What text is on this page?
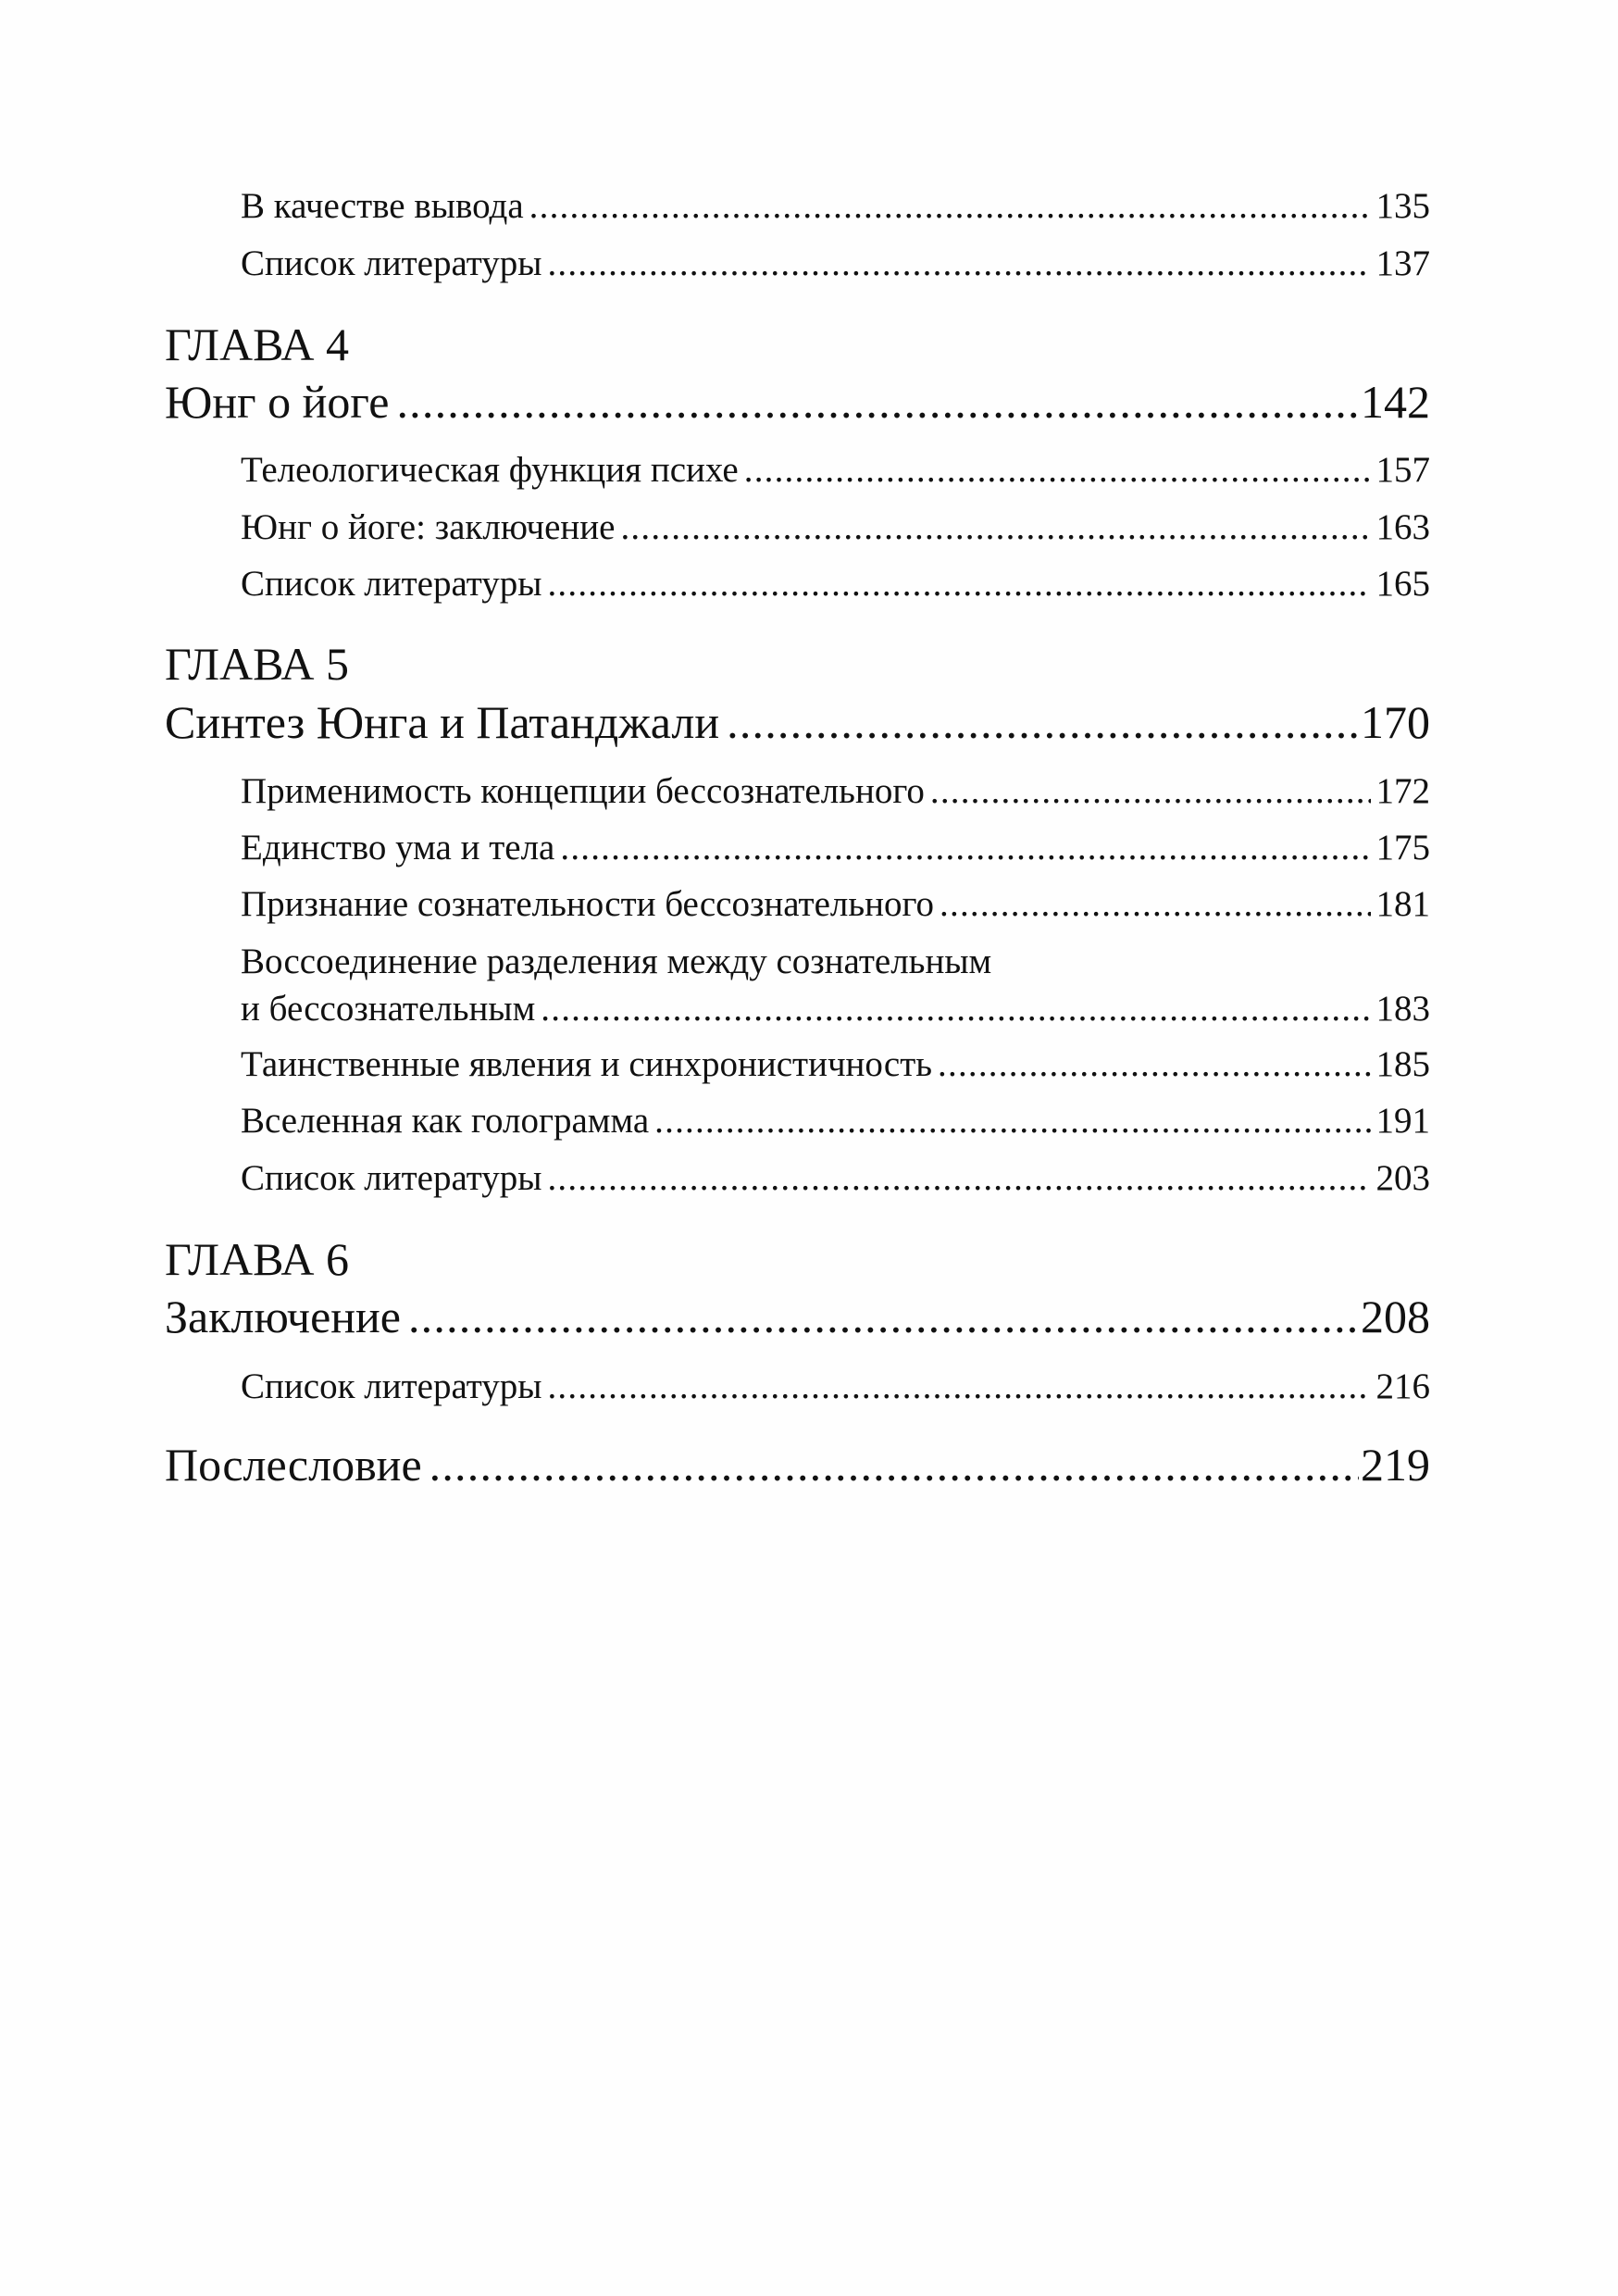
В качестве вывода .....	135
Список литературы .....	137
ГЛАВА 4
Юнг о йоге .....	142
Телеологическая функция психе .....	157
Юнг о йоге: заключение .....	163
Список литературы .....	165
ГЛАВА 5
Синтез Юнга и Патанджали .....	170
Применимость концепции бессознательного .....	172
Единство ума и тела .....	175
Признание сознательности бессознательного .....	181
Воссоединение разделения между сознательным
и бессознательным .....	183
Таинственные явления и синхронистичность .....	185
Вселенная как голограмма .....	191
Список литературы .....	203
ГЛАВА 6
Заключение .....	208
Список литературы .....	216
Послесловие .....	219
